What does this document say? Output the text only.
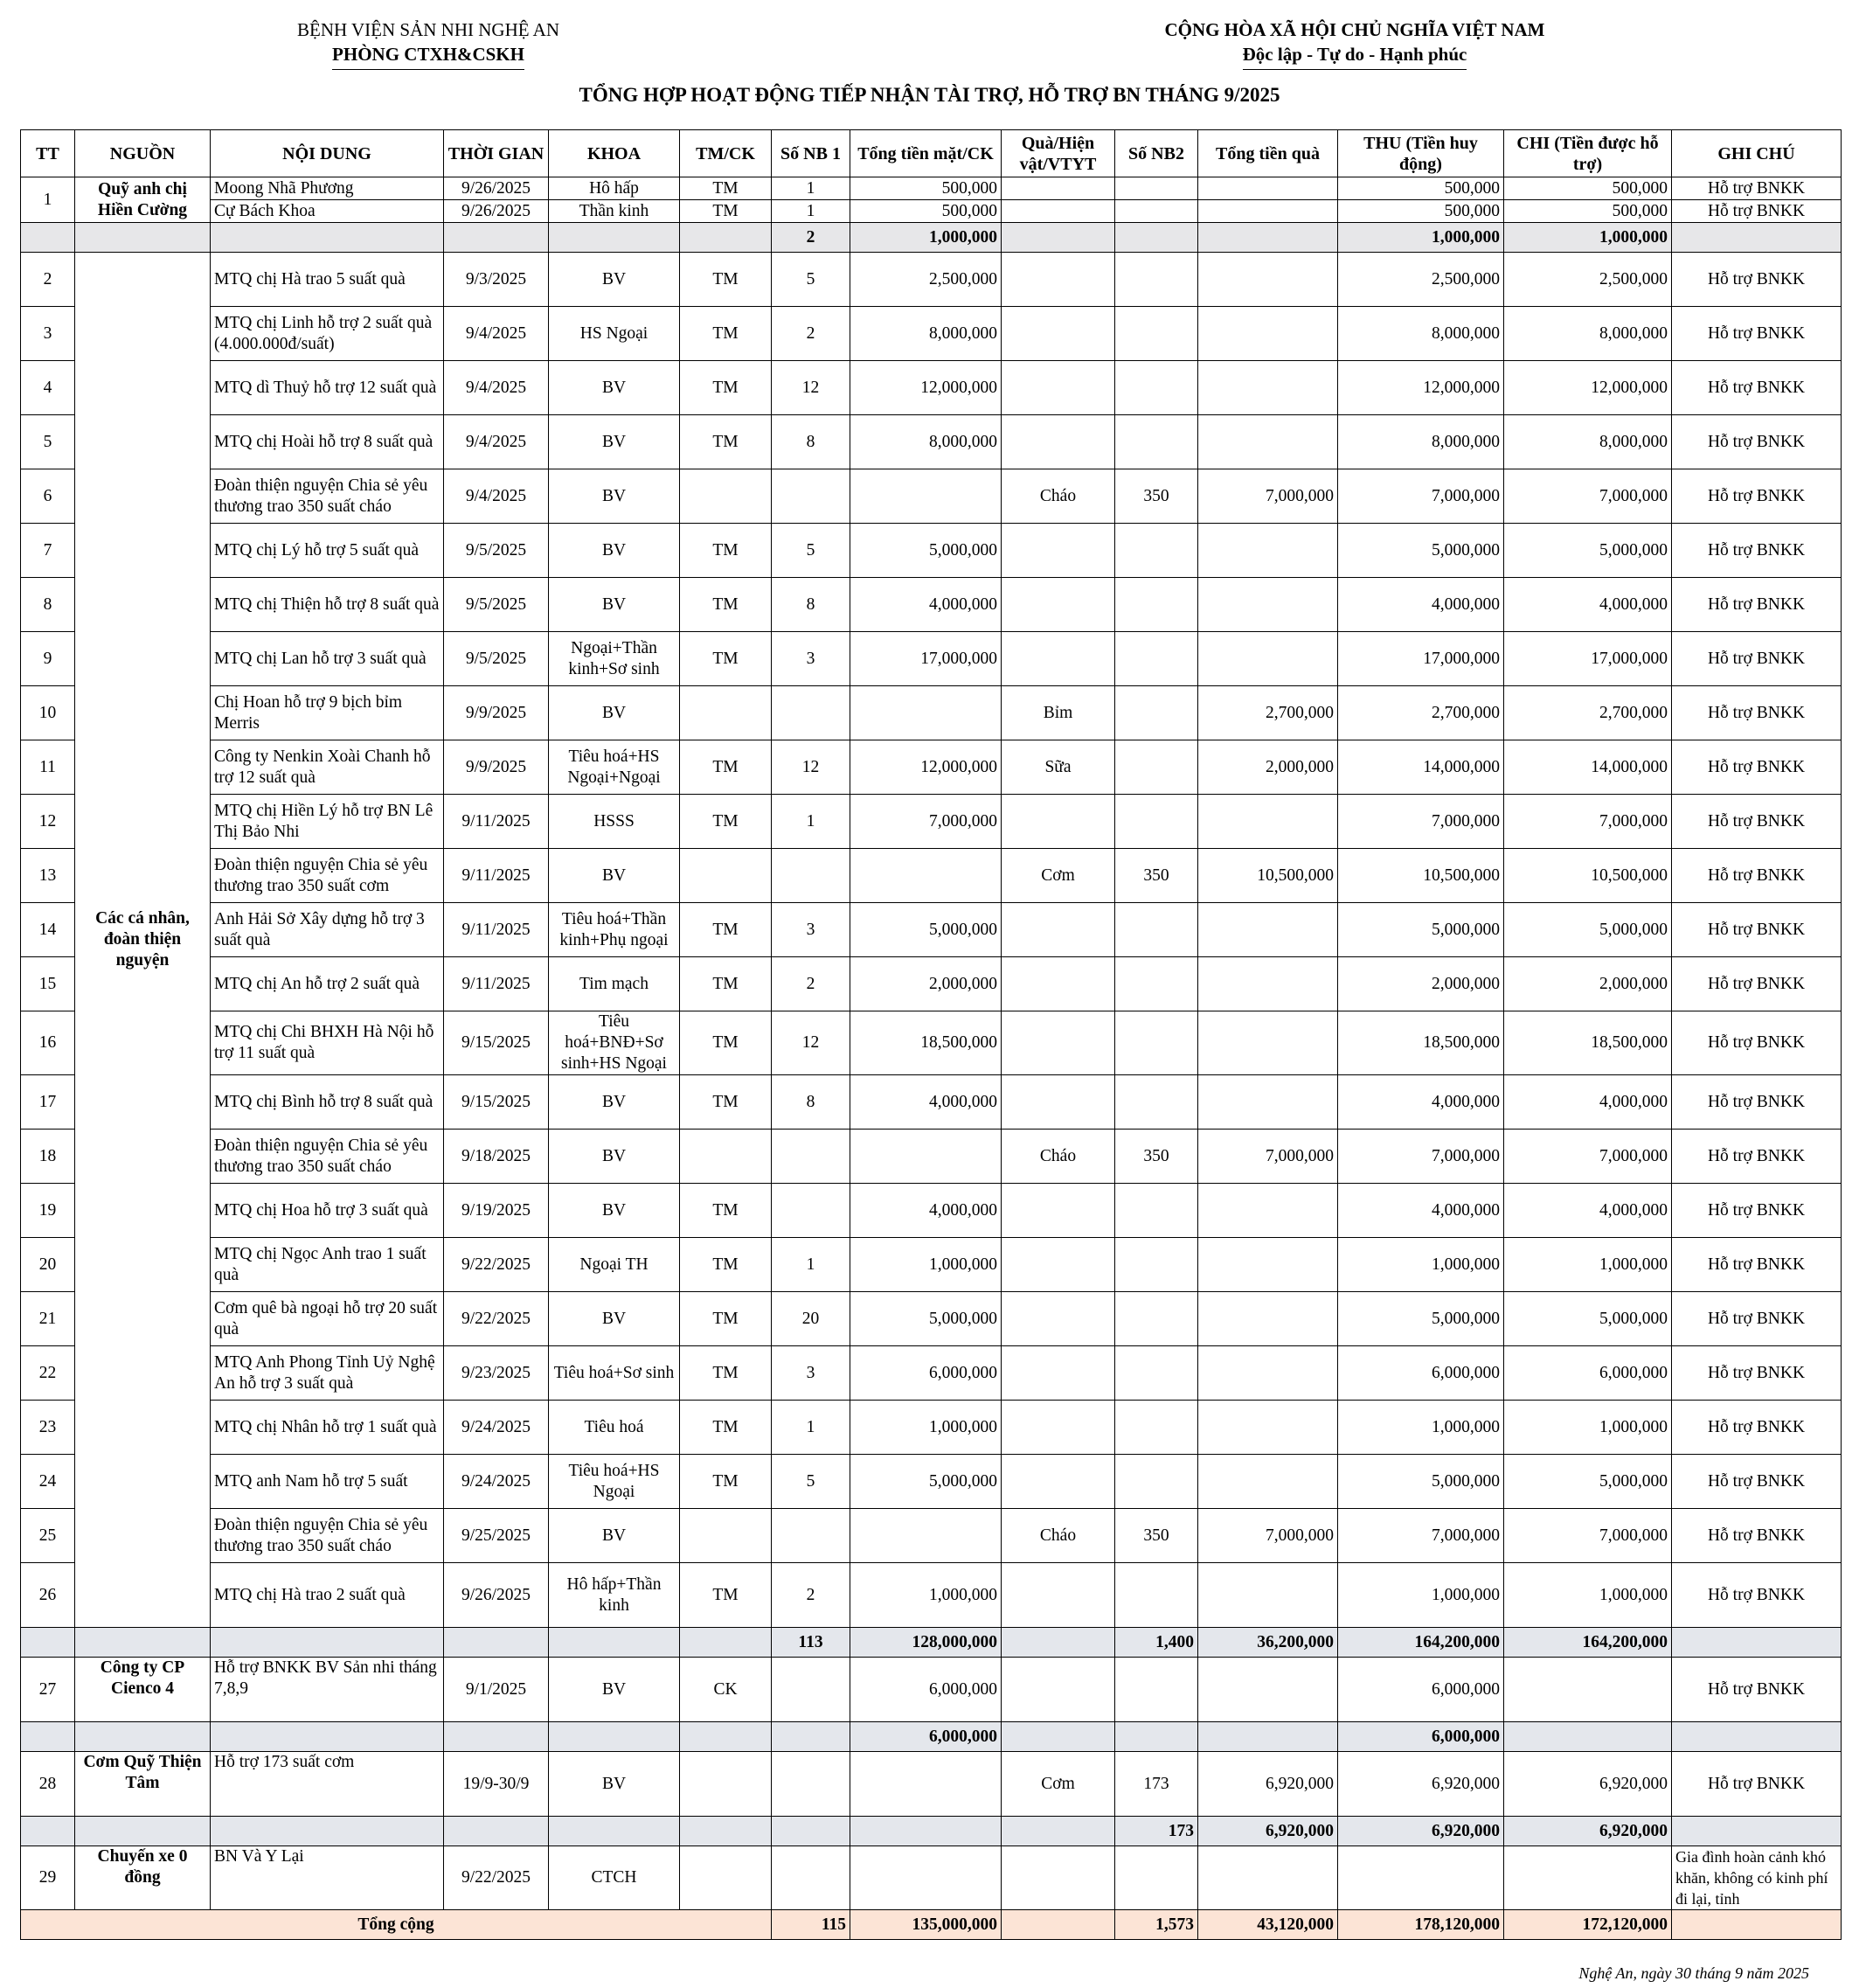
BỆNH VIỆN SẢN NHI NGHỆ AN
PHÒNG CTXH&CSKH
CỘNG HÒA XÃ HỘI CHỦ NGHĨA VIỆT NAM
Độc lập - Tự do - Hạnh phúc
TỔNG HỢP HOẠT ĐỘNG TIẾP NHẬN TÀI TRỢ, HỖ TRỢ BN THÁNG 9/2025
TT	NGUỒN	NỘI DUNG	THỜI GIAN	KHOA	TM/CK	Số NB 1	Tổng tiền mặt/CK	Quà/Hiện vật/VTYT	Số NB2	Tổng tiền quà	THU (Tiền huy động)	CHI (Tiền được hỗ trợ)	GHI CHÚ
1	Quỹ anh chị Hiền Cường	Moong Nhã Phương	9/26/2025	Hô hấp	TM	1	500,000				500,000	500,000	Hỗ trợ BNKK
		Cự Bách Khoa	9/26/2025	Thần kinh	TM	1	500,000				500,000	500,000	Hỗ trợ BNKK
						2	1,000,000				1,000,000	1,000,000	
2	Các cá nhân, đoàn thiện nguyện	MTQ chị Hà trao 5 suất quà	9/3/2025	BV	TM	5	2,500,000				2,500,000	2,500,000	Hỗ trợ BNKK
3		MTQ chị Linh hỗ trợ 2 suất quà (4.000.000đ/suất)	9/4/2025	HS Ngoại	TM	2	8,000,000				8,000,000	8,000,000	Hỗ trợ BNKK
4		MTQ dì Thuỷ hỗ trợ 12 suất quà	9/4/2025	BV	TM	12	12,000,000				12,000,000	12,000,000	Hỗ trợ BNKK
5		MTQ chị Hoài hỗ trợ 8 suất quà	9/4/2025	BV	TM	8	8,000,000				8,000,000	8,000,000	Hỗ trợ BNKK
6		Đoàn thiện nguyện Chia sẻ yêu thương trao 350 suất cháo	9/4/2025	BV				Cháo	350	7,000,000	7,000,000	7,000,000	Hỗ trợ BNKK
7		MTQ chị Lý hỗ trợ 5 suất quà	9/5/2025	BV	TM	5	5,000,000				5,000,000	5,000,000	Hỗ trợ BNKK
8		MTQ chị Thiện hỗ trợ 8 suất quà	9/5/2025	BV	TM	8	4,000,000				4,000,000	4,000,000	Hỗ trợ BNKK
9		MTQ chị Lan hỗ trợ 3 suất quà	9/5/2025	Ngoại+Thần kinh+Sơ sinh	TM	3	17,000,000				17,000,000	17,000,000	Hỗ trợ BNKK
10		Chị Hoan hỗ trợ 9 bịch bỉm Merris	9/9/2025	BV				Bỉm		2,700,000	2,700,000	2,700,000	Hỗ trợ BNKK
11		Công ty Nenkin Xoài Chanh hỗ trợ 12 suất quà	9/9/2025	Tiêu hoá+HS Ngoại+Ngoại	TM	12	12,000,000	Sữa		2,000,000	14,000,000	14,000,000	Hỗ trợ BNKK
12		MTQ chị Hiền Lý hỗ trợ BN Lê Thị Bảo Nhi	9/11/2025	HSSS	TM	1	7,000,000				7,000,000	7,000,000	Hỗ trợ BNKK
13		Đoàn thiện nguyện Chia sẻ yêu thương trao 350 suất cơm	9/11/2025	BV				Cơm	350	10,500,000	10,500,000	10,500,000	Hỗ trợ BNKK
14		Anh Hải Sở Xây dựng hỗ trợ 3 suất quà	9/11/2025	Tiêu hoá+Thần kinh+Phụ ngoại	TM	3	5,000,000				5,000,000	5,000,000	Hỗ trợ BNKK
15		MTQ chị An hỗ trợ 2 suất quà	9/11/2025	Tim mạch	TM	2	2,000,000				2,000,000	2,000,000	Hỗ trợ BNKK
16		MTQ chị Chi BHXH Hà Nội hỗ trợ 11 suất quà	9/15/2025	Tiêu hoá+BNĐ+Sơ sinh+HS Ngoại	TM	12	18,500,000				18,500,000	18,500,000	Hỗ trợ BNKK
17		MTQ chị Bình hỗ trợ 8 suất quà	9/15/2025	BV	TM	8	4,000,000				4,000,000	4,000,000	Hỗ trợ BNKK
18		Đoàn thiện nguyện Chia sẻ yêu thương trao 350 suất cháo	9/18/2025	BV				Cháo	350	7,000,000	7,000,000	7,000,000	Hỗ trợ BNKK
19		MTQ chị Hoa hỗ trợ 3 suất quà	9/19/2025	BV	TM		4,000,000				4,000,000	4,000,000	Hỗ trợ BNKK
20		MTQ chị Ngọc Anh trao 1 suất quà	9/22/2025	Ngoại TH	TM	1	1,000,000				1,000,000	1,000,000	Hỗ trợ BNKK
21		Cơm quê bà ngoại hỗ trợ 20 suất quà	9/22/2025	BV	TM	20	5,000,000				5,000,000	5,000,000	Hỗ trợ BNKK
22		MTQ Anh Phong Tỉnh Uỷ Nghệ An hỗ trợ 3 suất quà	9/23/2025	Tiêu hoá+Sơ sinh	TM	3	6,000,000				6,000,000	6,000,000	Hỗ trợ BNKK
23		MTQ chị Nhân hỗ trợ 1 suất quà	9/24/2025	Tiêu hoá	TM	1	1,000,000				1,000,000	1,000,000	Hỗ trợ BNKK
24		MTQ anh Nam hỗ trợ 5 suất	9/24/2025	Tiêu hoá+HS Ngoại	TM	5	5,000,000				5,000,000	5,000,000	Hỗ trợ BNKK
25		Đoàn thiện nguyện Chia sẻ yêu thương trao 350 suất cháo	9/25/2025	BV				Cháo	350	7,000,000	7,000,000	7,000,000	Hỗ trợ BNKK
26		MTQ chị Hà trao 2 suất quà	9/26/2025	Hô hấp+Thần kinh	TM	2	1,000,000				1,000,000	1,000,000	Hỗ trợ BNKK
						113	128,000,000		1,400	36,200,000	164,200,000	164,200,000	
27	Công ty CP Cienco 4	Hỗ trợ BNKK BV Sản nhi tháng 7,8,9	9/1/2025	BV	CK		6,000,000				6,000,000		Hỗ trợ BNKK
							6,000,000				6,000,000		
28	Cơm Quỹ Thiện Tâm	Hỗ trợ 173 suất cơm	19/9-30/9	BV				Cơm	173	6,920,000	6,920,000	6,920,000	Hỗ trợ BNKK
									173	6,920,000	6,920,000	6,920,000	
29	Chuyến xe 0 đồng	BN Và Y Lại	9/22/2025	CTCH									Gia đình hoàn cảnh khó khăn, không có kinh phí đi lại, tỉnh
Tổng cộng						115	135,000,000		1,573	43,120,000	178,120,000	172,120,000	
Nghệ An, ngày 30 tháng 9 năm 2025
